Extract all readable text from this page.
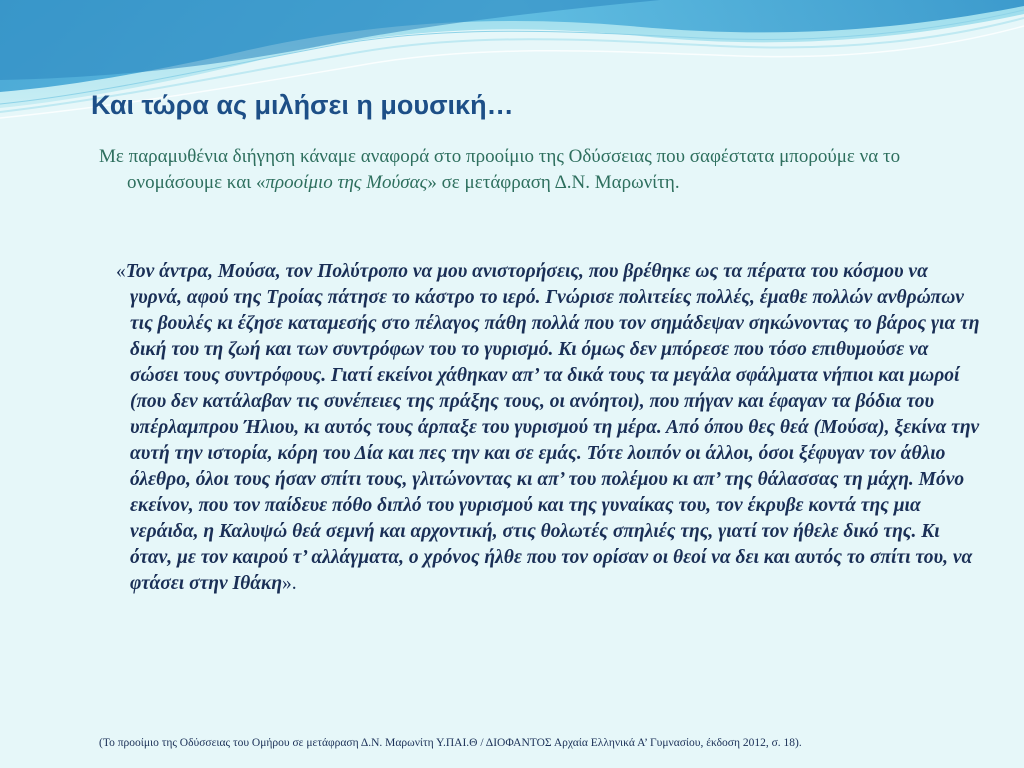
Και τώρα ας μιλήσει η μουσική…

Με παραμυθένια διήγηση κάναμε αναφορά στο προοίμιο της Οδύσσειας που σαφέστατα μπορούμε να το ονομάσουμε και «προοίμιο της Μούσας» σε μετάφραση Δ.Ν. Μαρωνίτη.

«Τον άντρα, Μούσα, τον Πολύτροπο να μου ανιστορήσεις, που βρέθηκε ως τα πέρατα του κόσμου να γυρνά, αφού της Τροίας πάτησε το κάστρο το ιερό. Γνώρισε πολιτείες πολλές, έμαθε πολλών ανθρώπων τις βουλές κι έζησε καταμεσής στο πέλαγος πάθη πολλά που τον σημάδεψαν σηκώνοντας το βάρος για τη δική του τη ζωή και των συντρόφων του το γυρισμό. Κι όμως δεν μπόρεσε που τόσο επιθυμούσε να σώσει τους συντρόφους. Γιατί εκείνοι χάθηκαν απ’ τα δικά τους τα μεγάλα σφάλματα νήπιοι και μωροί (που δεν κατάλαβαν τις συνέπειες της πράξης τους, οι ανόητοι), που πήγαν και έφαγαν τα βόδια του υπέρλαμπρου Ήλιου, κι αυτός τους άρπαξε του γυρισμού τη μέρα. Από όπου θες θεά (Μούσα), ξεκίνα την αυτή την ιστορία, κόρη του Δία και πες την και σε εμάς. Τότε λοιπόν οι άλλοι, όσοι ξέφυγαν τον άθλιο όλεθρο, όλοι τους ήσαν σπίτι τους, γλιτώνοντας κι απ’ του πολέμου κι απ’ της θάλασσας τη μάχη. Μόνο εκείνον, που τον παίδευε πόθο διπλό του γυρισμού και της γυναίκας του, τον έκρυβε κοντά της μια νεράιδα, η Καλυψώ θεά σεμνή και αρχοντική, στις θολωτές σπηλιές της, γιατί τον ήθελε δικό της. Κι όταν, με τον καιρού τ’ αλλάγματα, ο χρόνος ήλθε που τον ορίσαν οι θεοί να δει και αυτός το σπίτι του, να φτάσει στην Ιθάκη».

(Το προοίμιο της Οδύσσειας του Ομήρου σε μετάφραση Δ.Ν. Μαρωνίτη Υ.ΠΑΙ.Θ / ΔΙΟΦΑΝΤΟΣ Αρχαία Ελληνικά Α’ Γυμνασίου, έκδοση 2012, σ. 18).
